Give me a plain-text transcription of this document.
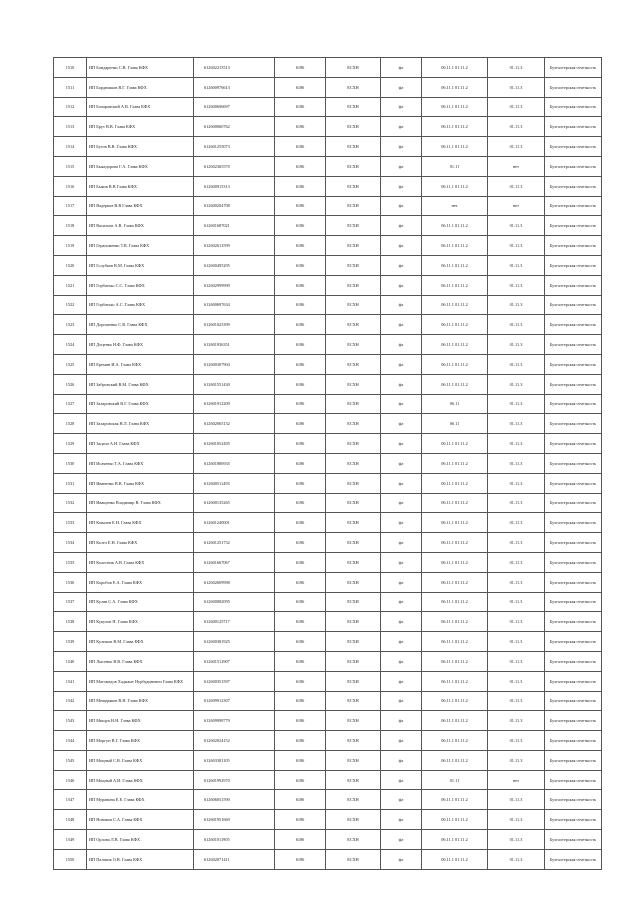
1510	ИП Бондаренко С.В. Глава КФХ	612602215513	6186	ЕСХН	фл	06.11.1 01.11.2	01.11.3	Бухгалтерская отчетность
1511	ИП Бордюжков В.Г. Глава КФХ	612600976613	6186	ЕСХН	фл	06.11.1 01.11.2	01.11.3	Бухгалтерская отчетность
1512	ИП Бочаровский А.В. Глава КФХ	612600696697	6186	ЕСХН	фл	06.11.1 01.11.2	01.11.3	Бухгалтерская отчетность
1513	ИП Брут В.В. Глава КФХ	612600060762	6186	ЕСХН	фл	06.11.1 01.11.2	01.11.3	Бухгалтерская отчетность
1514	ИП Бугов В.В. Глава КФХ	612601255073	6186	ЕСХН	фл	06.11.1 01.11.2	01.11.3	Бухгалтерская отчетность
1515	ИП Быкадорова Г.А. Глава КФХ	612602365570	6186	ЕСХН	фл	01.11	нет	Бухгалтерская отчетность
1516	ИП Быков В.В Глава КФХ	612600915313	6186	ЕСХН	фл	06.11.1 01.11.2	01.11.3	Бухгалтерская отчетность
1517	ИП Вадерков В.В Глава КФХ	612600204708	6186	ЕСХН	фл	нет	нет	Бухгалтерская отчетность
1518	ИП Васильев А.В. Глава КФХ	612601687021	6186	ЕСХН	фл	06.11.1 01.11.2	01.11.3	Бухгалтерская отчетность
1519	ИП Герасименко Т.В. Глава КФХ	612602613599	6186	ЕСХН	фл	06.11.1 01.11.2	01.11.3	Бухгалтерская отчетность
1520	ИП Голубков В.М. Глава КФХ	612600495295	6186	ЕСХН	фл	06.11.1 01.11.2	01.11.3	Бухгалтерская отчетность
1521	ИП Горбатько С.С. Глава КФХ	612602999999	6186	ЕСХН	фл	06.11.1 01.11.2	01.11.3	Бухгалтерская отчетность
1522	ИП Горбатько А.С. Глава КФХ	612600697634	6186	ЕСХН	фл	06.11.1 01.11.2	01.11.3	Бухгалтерская отчетность
1523	ИП Дорошенко С.В. Глава КФХ	612601625399	6186	ЕСХН	фл	06.11.1 01.11.2	01.11.3	Бухгалтерская отчетность
1524	ИП Доценко Н.Ф. Глава КФХ	612601936351	6186	ЕСХН	фл	06.11.1 01.11.2	01.11.3	Бухгалтерская отчетность
1525	ИП Еремин И.А. Глава КФХ	612600307904	6186	ЕСХН	фл	06.11.1 01.11.2	01.11.3	Бухгалтерская отчетность
1526	ИП Забровский В.М. Глава КФХ	612601551430	6186	ЕСХН	фл	06.11.1 01.11.2	01.11.3	Бухгалтерская отчетность
1527	ИП Захаровский В.Г. Глава КФХ	612601912209	6186	ЕСХН	фл	06.11	01.11.3	Бухгалтерская отчетность
1528	ИП Захаровская Н.Л. Глава КФХ	612602065132	6186	ЕСХН	фл	06.11	01.11.3	Бухгалтерская отчетность
1529	ИП Зацепа А.Н. Глава КФХ	612601052495	6186	ЕСХН	фл	06.11.1 01.11.2	01.11.3	Бухгалтерская отчетность
1530	ИП Исаченко Т.А. Глава КФХ	612601886935	6186	ЕСХН	фл	06.11.1 01.11.2	01.11.3	Бухгалтерская отчетность
1531	ИП Иваненко В.В. Глава КФХ	612600511493	6186	ЕСХН	фл	06.11.1 01.11.2	01.11.3	Бухгалтерская отчетность
1532	ИП Иващенко Владимир В. Глава КФХ	612600135265	6186	ЕСХН	фл	06.11.1 01.11.2	01.11.3	Бухгалтерская отчетность
1533	ИП Ковалев Е.Н. Глава КФХ	612601240001	6186	ЕСХН	фл	06.11.1 01.11.2	01.11.3	Бухгалтерская отчетность
1534	ИП Козел Е.Н. Глава КФХ	612601251732	6186	ЕСХН	фл	06.11.1 01.11.2	01.11.3	Бухгалтерская отчетность
1535	ИП Колесник А.В. Глава КФХ	612601667067	6186	ЕСХН	фл	06.11.1 01.11.2	01.11.3	Бухгалтерская отчетность
1536	ИП Коробов Е.А. Глава КФХ	612602609998	6186	ЕСХН	фл	06.11.1 01.11.2	01.11.3	Бухгалтерская отчетность
1537	ИП Кузин С.А. Глава КФХ	612600082095	6186	ЕСХН	фл	06.11.1 01.11.2	01.11.3	Бухгалтерская отчетность
1538	ИП Кукулов П. Глава КФХ	612600125717	6186	ЕСХН	фл	06.11.1 01.11.2	01.11.3	Бухгалтерская отчетность
1539	ИП Кулешов В.М. Глава КФХ	612600381925	6186	ЕСХН	фл	06.11.1 01.11.2	01.11.3	Бухгалтерская отчетность
1540	ИП Лысенко В.В. Глава КФХ	612601512907	6186	ЕСХН	фл	06.11.1 01.11.2	01.11.3	Бухгалтерская отчетность
1541	ИП Магомедов Хадижат Нурбудинович Глава КФХ	612600351597	6186	ЕСХН	фл	06.11.1 01.11.2	01.11.3	Бухгалтерская отчетность
1542	ИП Мещеряков В.Н. Глава КФХ	612609912307	6186	ЕСХН	фл	06.11.1 01.11.2	01.11.3	Бухгалтерская отчетность
1543	ИП Мищук Н.Н. Глава КФХ	612609998779	6186	ЕСХН	фл	06.11.1 01.11.2	01.11.3	Бухгалтерская отчетность
1544	ИП Моргун В.Г. Глава КФХ	612602024152	6186	ЕСХН	фл	06.11.1 01.11.2	01.11.3	Бухгалтерская отчетность
1545	ИП Моцный С.В. Глава КФХ	612603381105	6186	ЕСХН	фл	06.11.1 01.11.2	01.11.3	Бухгалтерская отчетность
1546	ИП Моцный А.И. Глава КФХ	612601992970	6186	ЕСХН	фл	01.11	нет	Бухгалтерская отчетность
1547	ИП Муравина Е.Е. Глава КФХ	612606051590	6186	ЕСХН	фл	06.11.1 01.11.2	01.11.3	Бухгалтерская отчетность
1548	ИП Новиков С.А. Глава КФХ	612601951669	6186	ЕСХН	фл	06.11.1 01.11.2	01.11.3	Бухгалтерская отчетность
1549	ИП Орлова Л.В. Глава КФХ	612601011905	6186	ЕСХН	фл	06.11.1 01.11.2	01.11.3	Бухгалтерская отчетность
1550	ИП Пальчик О.В. Глава КФХ	612602071411	6186	ЕСХН	фл	06.11.1 01.11.2	01.11.3	Бухгалтерская отчетность
